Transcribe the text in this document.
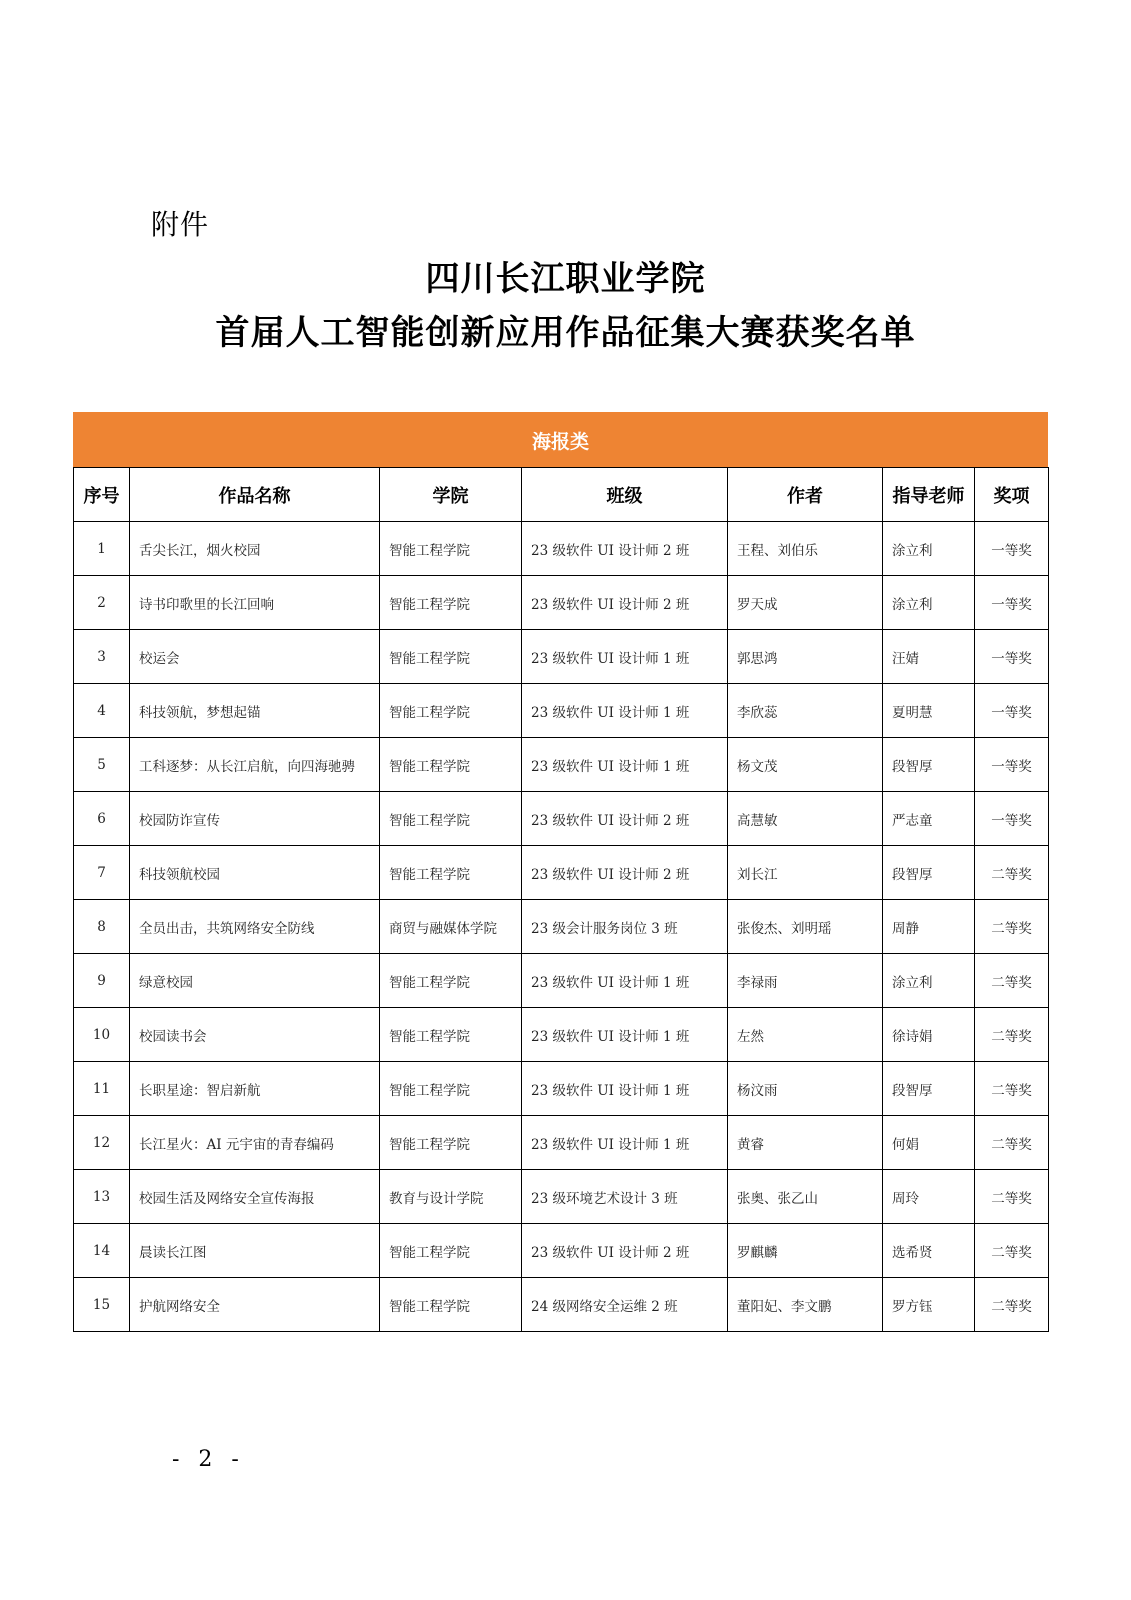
附件
四川长江职业学院
首届人工智能创新应用作品征集大赛获奖名单
海报类
序号	作品名称	学院	班级	作者	指导老师	奖项
1	舌尖长江，烟火校园	智能工程学院	23 级软件 UI 设计师 2 班	王程、刘伯乐	涂立利	一等奖
2	诗书印歌里的长江回响	智能工程学院	23 级软件 UI 设计师 2 班	罗天成	涂立利	一等奖
3	校运会	智能工程学院	23 级软件 UI 设计师 1 班	郭思鸿	汪婧	一等奖
4	科技领航，梦想起锚	智能工程学院	23 级软件 UI 设计师 1 班	李欣蕊	夏明慧	一等奖
5	工科逐梦：从长江启航，向四海驰骋	智能工程学院	23 级软件 UI 设计师 1 班	杨文茂	段智厚	一等奖
6	校园防诈宣传	智能工程学院	23 级软件 UI 设计师 2 班	高慧敏	严志童	一等奖
7	科技领航校园	智能工程学院	23 级软件 UI 设计师 2 班	刘长江	段智厚	二等奖
8	全员出击，共筑网络安全防线	商贸与融媒体学院	23 级会计服务岗位 3 班	张俊杰、刘明瑶	周静	二等奖
9	绿意校园	智能工程学院	23 级软件 UI 设计师 1 班	李禄雨	涂立利	二等奖
10	校园读书会	智能工程学院	23 级软件 UI 设计师 1 班	左然	徐诗娟	二等奖
11	长职星途：智启新航	智能工程学院	23 级软件 UI 设计师 1 班	杨汶雨	段智厚	二等奖
12	长江星火：AI 元宇宙的青春编码	智能工程学院	23 级软件 UI 设计师 1 班	黄睿	何娟	二等奖
13	校园生活及网络安全宣传海报	教育与设计学院	23 级环境艺术设计 3 班	张奥、张乙山	周玲	二等奖
14	晨读长江图	智能工程学院	23 级软件 UI 设计师 2 班	罗麒麟	选希贤	二等奖
15	护航网络安全	智能工程学院	24 级网络安全运维 2 班	董阳妃、李文鹏	罗方钰	二等奖
- 2 -
